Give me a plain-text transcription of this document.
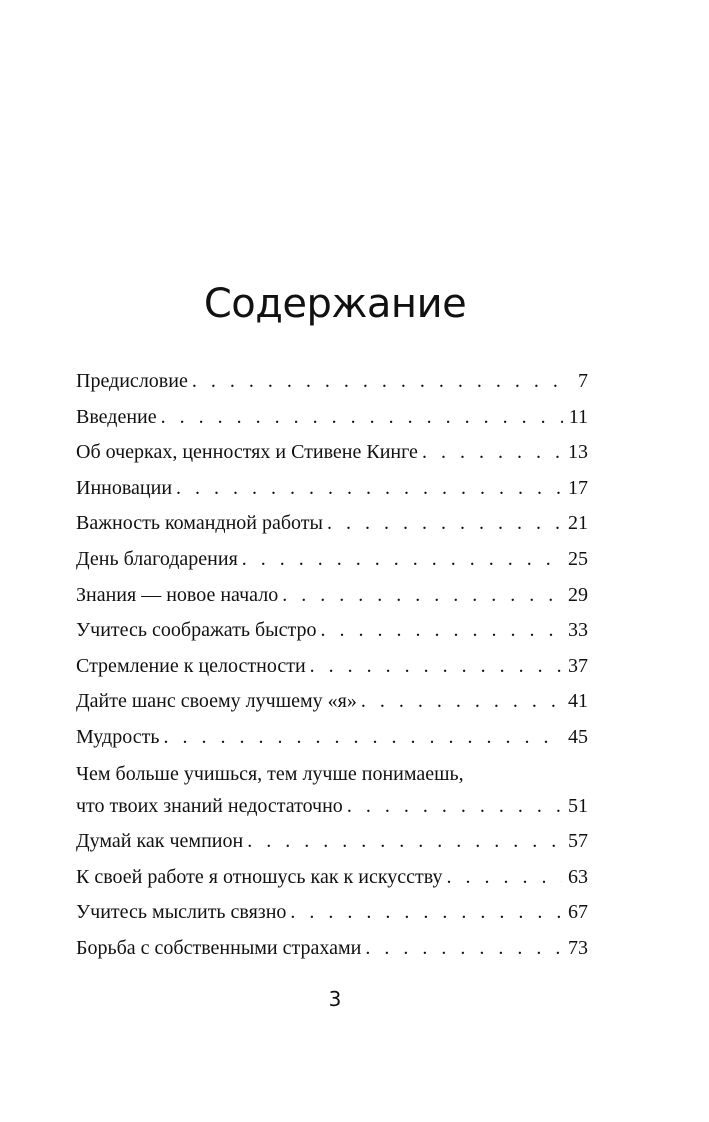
Содержание
Предисловие . . .	7
Введение . . .	11
Об очерках, ценностях и Стивене Кинге . . .	13
Инновации . . .	17
Важность командной работы . . .	21
День благодарения . . .	25
Знания — новое начало . . .	29
Учитесь соображать быстро . . .	33
Стремление к целостности . . .	37
Дайте шанс своему лучшему «я» . . .	41
Мудрость . . .	45
Чем больше учишься, тем лучше понимаешь,
что твоих знаний недостаточно . . .	51
Думай как чемпион . . .	57
К своей работе я отношусь как к искусству . . .	63
Учитесь мыслить связно . . .	67
Борьба с собственными страхами . . .	73
3
